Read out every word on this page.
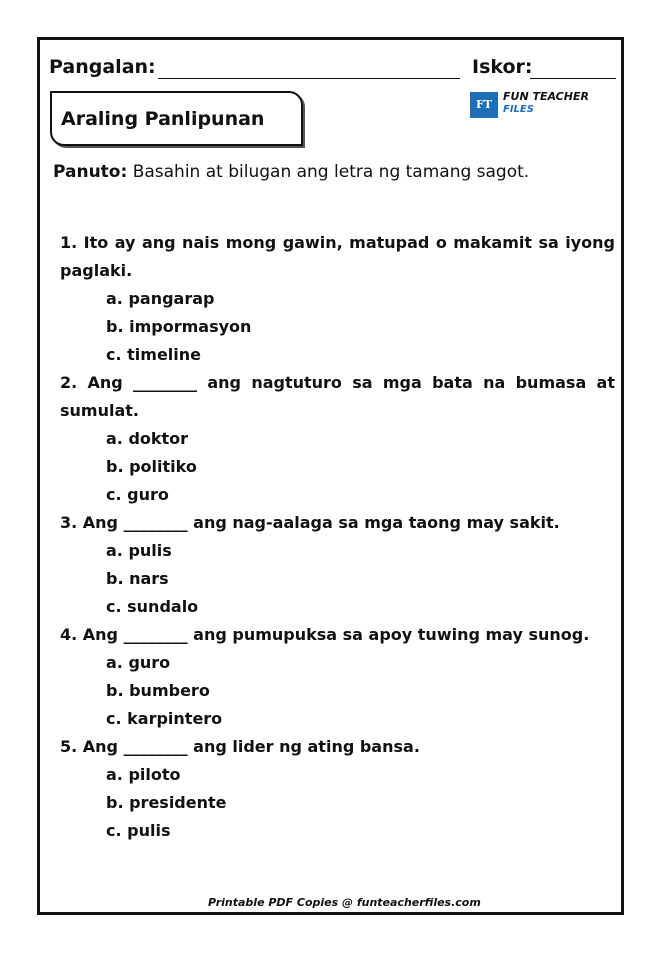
Pangalan:	Iskor:
Araling Panlipunan
FT
FUN TEACHER
FILES
Panuto: Basahin at bilugan ang letra ng tamang sagot.

1. Ito ay ang nais mong gawin, matupad o makamit sa iyong paglaki.

a. pangarap

b. impormasyon

c. timeline

2. Ang ________ ang nagtuturo sa mga bata na bumasa at sumulat.

a. doktor

b. politiko

c. guro

3. Ang ________ ang nag-aalaga sa mga taong may sakit.

a. pulis

b. nars

c. sundalo

4. Ang ________ ang pumupuksa sa apoy tuwing may sunog.

a. guro

b. bumbero

c. karpintero

5. Ang ________ ang lider ng ating bansa.

a. piloto

b. presidente

c. pulis

Printable PDF Copies @ funteacherfiles.com
